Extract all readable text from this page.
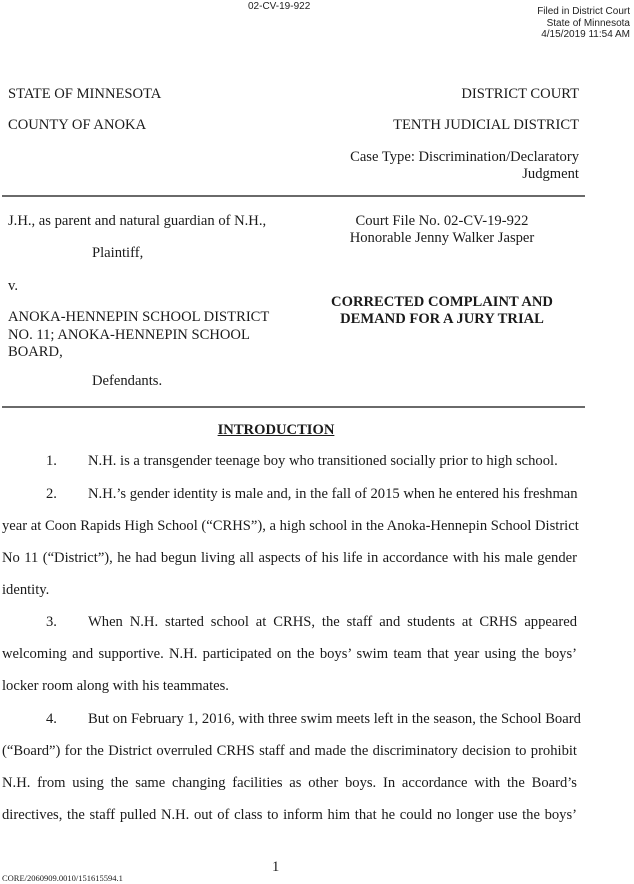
02-CV-19-922	Filed in District Court
State of Minnesota
4/15/2019 11:54 AM
STATE OF MINNESOTA	DISTRICT COURT
COUNTY OF ANOKA	TENTH JUDICIAL DISTRICT
Case Type: Discrimination/Declaratory
Judgment
J.H., as parent and natural guardian of N.H.,
Plaintiff,
v.
ANOKA-HENNEPIN SCHOOL DISTRICT
NO. 11; ANOKA-HENNEPIN SCHOOL
BOARD,
Defendants.
Court File No. 02-CV-19-922
Honorable Jenny Walker Jasper
CORRECTED COMPLAINT AND
DEMAND FOR A JURY TRIAL
INTRODUCTION
1. N.H. is a transgender teenage boy who transitioned socially prior to high school.
2. N.H.’s gender identity is male and, in the fall of 2015 when he entered his freshman
year at Coon Rapids High School (“CRHS”), a high school in the Anoka-Hennepin School District
No 11 (“District”), he had begun living all aspects of his life in accordance with his male gender
identity.
3. When N.H. started school at CRHS, the staff and students at CRHS appeared
welcoming and supportive. N.H. participated on the boys’ swim team that year using the boys’
locker room along with his teammates.
4. But on February 1, 2016, with three swim meets left in the season, the School Board
(“Board”) for the District overruled CRHS staff and made the discriminatory decision to prohibit
N.H. from using the same changing facilities as other boys. In accordance with the Board’s
directives, the staff pulled N.H. out of class to inform him that he could no longer use the boys’
1
CORE/2060909.0010/151615594.1
